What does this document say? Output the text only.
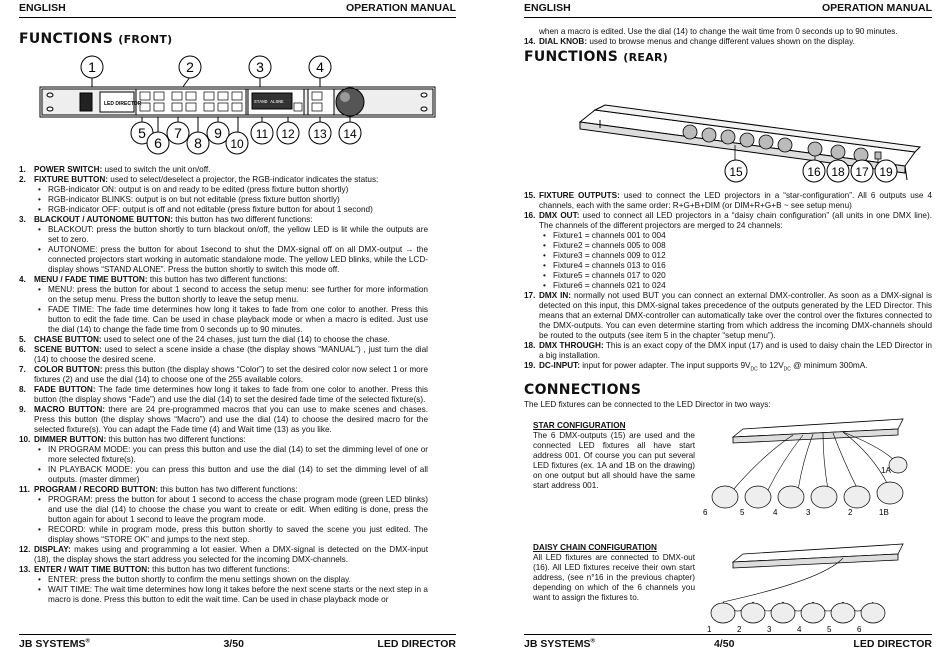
ENGLISH	OPERATION MANUAL
FUNCTIONS (FRONT)
LED DIRECTOR	STAND ALONE
1	2	3	4
5
6
7
8
9
10
11 12 13 14
1. POWER SWITCH: used to switch the unit on/off.
2. FIXTURE BUTTON: used to select/deselect a projector, the RGB-indicator indicates the status:
• RGB-indicator ON: output is on and ready to be edited (press fixture button shortly)
• RGB-indicator BLINKS: output is on but not editable (press fixture button shortly)
• RGB-indicator OFF: output is off and not editable (press fixture button for about 1 second)
3. BLACKOUT / AUTONOME BUTTON: this button has two different functions:
• BLACKOUT: press the button shortly to turn blackout on/off, the yellow LED is lit while the outputs are set to zero.
• AUTONOME: press the button for about 1second to shut the DMX-signal off on all DMX-output → the connected projectors start working in automatic standalone mode. The yellow LED blinks, while the LCD-display shows “STAND ALONE”. Press the button shortly to switch this mode off.
4. MENU / FADE TIME BUTTON: this button has two different functions:
• MENU: press the button for about 1 second to access the setup menu: see further for more information on the setup menu. Press the button shortly to leave the setup menu.
• FADE TIME: The fade time determines how long it takes to fade from one color to another. Press this button to edit the fade time. Can be used in chase playback mode or when a macro is edited. Just use the dial (14) to change the fade time from 0 seconds up to 90 minutes.
5. CHASE BUTTON: used to select one of the 24 chases, just turn the dial (14) to choose the chase.
6. SCENE BUTTON: used to select a scene inside a chase (the display shows “MANUAL”) , just turn the dial (14) to choose the desired scene.
7. COLOR BUTTON: press this button (the display shows “Color”) to set the desired color now select 1 or more fixtures (2) and use the dial (14) to choose one of the 255 available colors.
8. FADE BUTTON: The fade time determines how long it takes to fade from one color to another. Press this button (the display shows “Fade”) and use the dial (14) to set the desired fade time of the selected fixture(s).
9. MACRO BUTTON: there are 24 pre-programmed macros that you can use to make scenes and chases. Press this button (the display shows “Macro”) and use the dial (14) to choose the desired macro for the selected fixture(s). You can adapt the Fade time (4) and Wait time (13) as you like.
10. DIMMER BUTTON: this button has two different functions:
• IN PROGRAM MODE: you can press this button and use the dial (14) to set the dimming level of one or more selected fixture(s).
• IN PLAYBACK MODE: you can press this button and use the dial (14) to set the dimming level of all outputs. (master dimmer)
11. PROGRAM / RECORD BUTTON: this button has two different functions:
• PROGRAM: press the button for about 1 second to access the chase program mode (green LED blinks) and use the dial (14) to choose the chase you want to create or edit. When editing is done, press the button again for about 1 second to leave the program mode.
• RECORD: while in program mode, press this button shortly to saved the scene you just edited. The display shows “STORE OK” and jumps to the next step.
12. DISPLAY: makes using and programming a lot easier. When a DMX-signal is detected on the DMX-input (18), the display shows the start address you selected for the incoming DMX-channels.
13. ENTER / WAIT TIME BUTTON: this button has two different functions:
• ENTER: press the button shortly to confirm the menu settings shown on the display.
• WAIT TIME: The wait time determines how long it takes before the next scene starts or the next step in a macro is done. Press this button to edit the wait time. Can be used in chase playback mode or
JB SYSTEMS®	3/50	LED DIRECTOR
ENGLISH	OPERATION MANUAL
when a macro is edited. Use the dial (14) to change the wait time from 0 seconds up to 90 minutes.
14. DIAL KNOB: used to browse menus and change different values shown on the display.
FUNCTIONS (REAR)
15	16 18 17 19
15. FIXTURE OUTPUTS: used to connect the LED projectors in a “star-configuration”. All 6 outputs use 4 channels, each with the same order: R+G+B+DIM (or DIM+R+G+B ~ see setup menu)
16. DMX OUT: used to connect all LED projectors in a “daisy chain configuration” (all units in one DMX line). The channels of the different projectors are merged to 24 channels:
• Fixture1 = channels 001 to 004
• Fixture2 = channels 005 to 008
• Fixture3 = channels 009 to 012
• Fixture4 = channels 013 to 016
• Fixture5 = channels 017 to 020
• Fixture6 = channels 021 to 024
17. DMX IN: normally not used BUT you can connect an external DMX-controller. As soon as a DMX-signal is detected on this input, this DMX-signal takes precedence of the outputs generated by the LED Director. This means that an external DMX-controller can automatically take over the control over the fixtures connected to the DMX-outputs. You can even determine starting from which address the incoming DMX-channels should be routed to the outputs (see item 5 in the chapter “setup menu”).
18. DMX THROUGH: This is an exact copy of the DMX input (17) and is used to daisy chain the LED Director in a big installation.
19. DC-INPUT: input for power adapter. The input supports $9V_{DC}$ to $12V_{DC}$ @ minimum 300mA.
CONNECTIONS
The LED fixtures can be connected to the LED Director in two ways:
STAR CONFIGURATION
The 6 DMX-outputs (15) are used and the connected LED fixtures all have start address 001. Of course you can put several LED fixtures (ex. 1A and 1B on the drawing) on one output but all should have the same start address 001.
6	5	4	3	2	1B
1A
DAISY CHAIN CONFIGURATION
All LED fixtures are connected to DMX-out (16). All LED fixtures receive their own start address, (see n°16 in the previous chapter) depending on which of the 6 channels you want to assign the fixtures to.
1	2	3	4	5	6
JB SYSTEMS®	4/50	LED DIRECTOR
